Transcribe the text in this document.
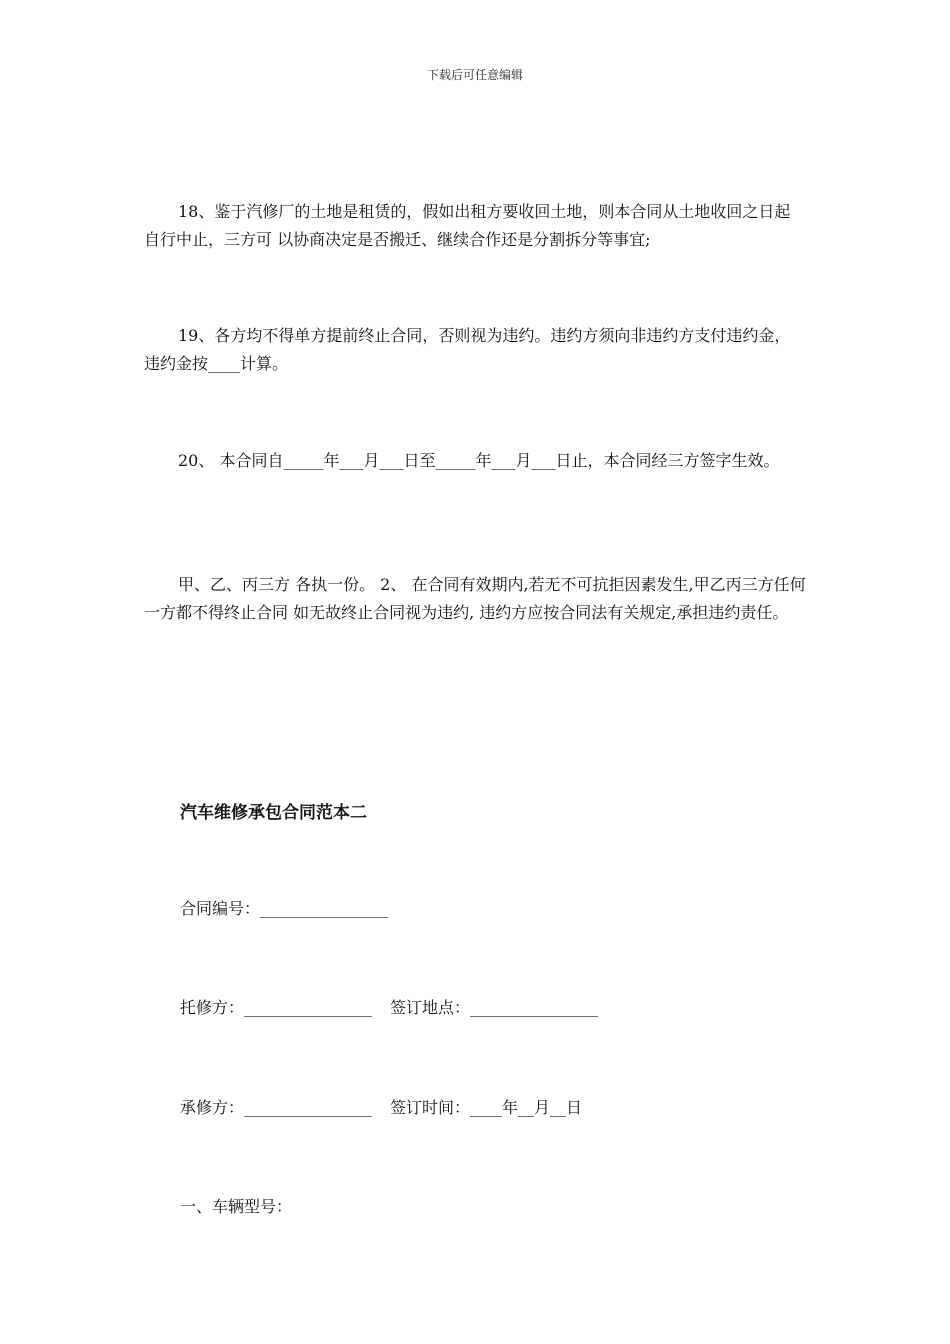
下载后可任意编辑

18、鉴于汽修厂的土地是租赁的，假如出租方要收回土地，则本合同从土地收回之日起自行中止，三方可 以协商决定是否搬迁、继续合作还是分割拆分等事宜;

19、各方均不得单方提前终止合同，否则视为违约。违约方须向非违约方支付违约金，违约金按____计算。

20、 本合同自_____年___月___日至_____年___月___日止，本合同经三方签字生效。

甲、乙、丙三方 各执一份。 2、 在合同有效期内,若无不可抗拒因素发生,甲乙丙三方任何一方都不得终止合同 如无故终止合同视为违约, 违约方应按合同法有关规定,承担违约责任。

汽车维修承包合同范本二

合同编号：________________

托修方：________________ 签订地点：________________

承修方：________________ 签订时间：____年__月__日

一、车辆型号：
